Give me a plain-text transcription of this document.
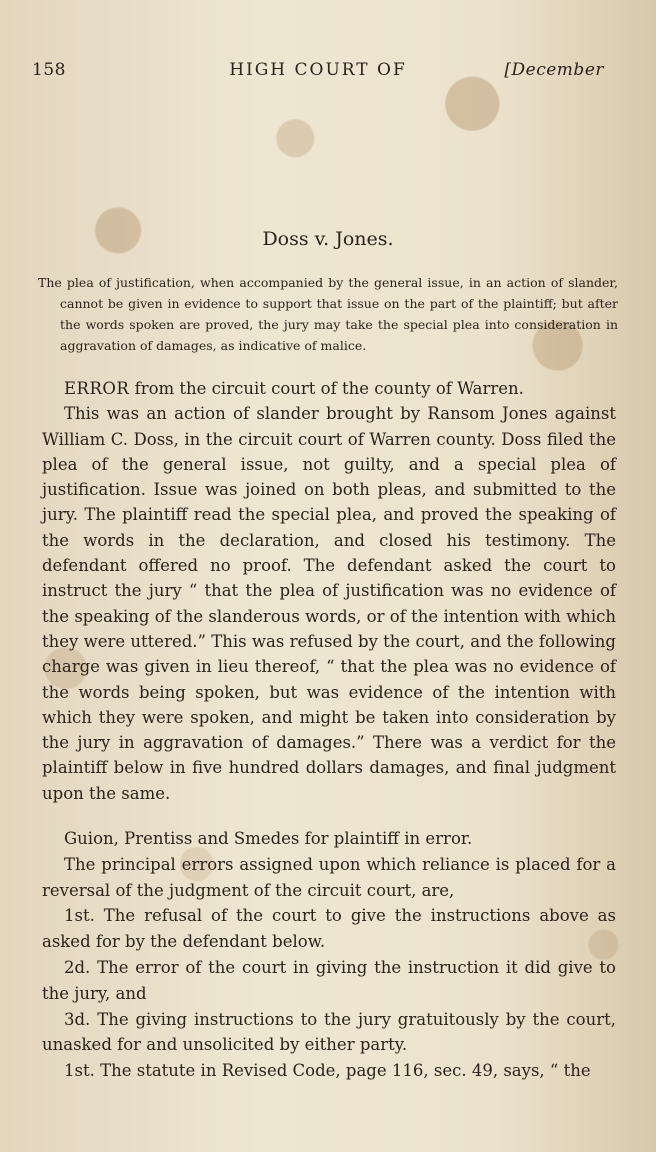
158	HIGH COURT OF	[December
Doss v. Jones.
The plea of justification, when accompanied by the general issue, in an action of slander, cannot be given in evidence to support that issue on the part of the plaintiff; but after the words spoken are proved, the jury may take the special plea into consideration in aggravation of damages, as indicative of malice.

ERROR from the circuit court of the county of Warren.

This was an action of slander brought by Ransom Jones against William C. Doss, in the circuit court of Warren county. Doss filed the plea of the general issue, not guilty, and a special plea of justification. Issue was joined on both pleas, and submitted to the jury. The plaintiff read the special plea, and proved the speaking of the words in the declaration, and closed his testimony. The defendant offered no proof. The defendant asked the court to instruct the jury “ that the plea of justification was no evidence of the speaking of the slanderous words, or of the intention with which they were uttered.” This was refused by the court, and the following charge was given in lieu thereof, “ that the plea was no evidence of the words being spoken, but was evidence of the intention with which they were spoken, and might be taken into consideration by the jury in aggravation of damages.” There was a verdict for the plaintiff below in five hundred dollars damages, and final judgment upon the same.

Guion, Prentiss and Smedes for plaintiff in error.

The principal errors assigned upon which reliance is placed for a reversal of the judgment of the circuit court, are,

1st. The refusal of the court to give the instructions above as asked for by the defendant below.

2d. The error of the court in giving the instruction it did give to the jury, and

3d. The giving instructions to the jury gratuitously by the court, unasked for and unsolicited by either party.

1st. The statute in Revised Code, page 116, sec. 49, says, “ the
